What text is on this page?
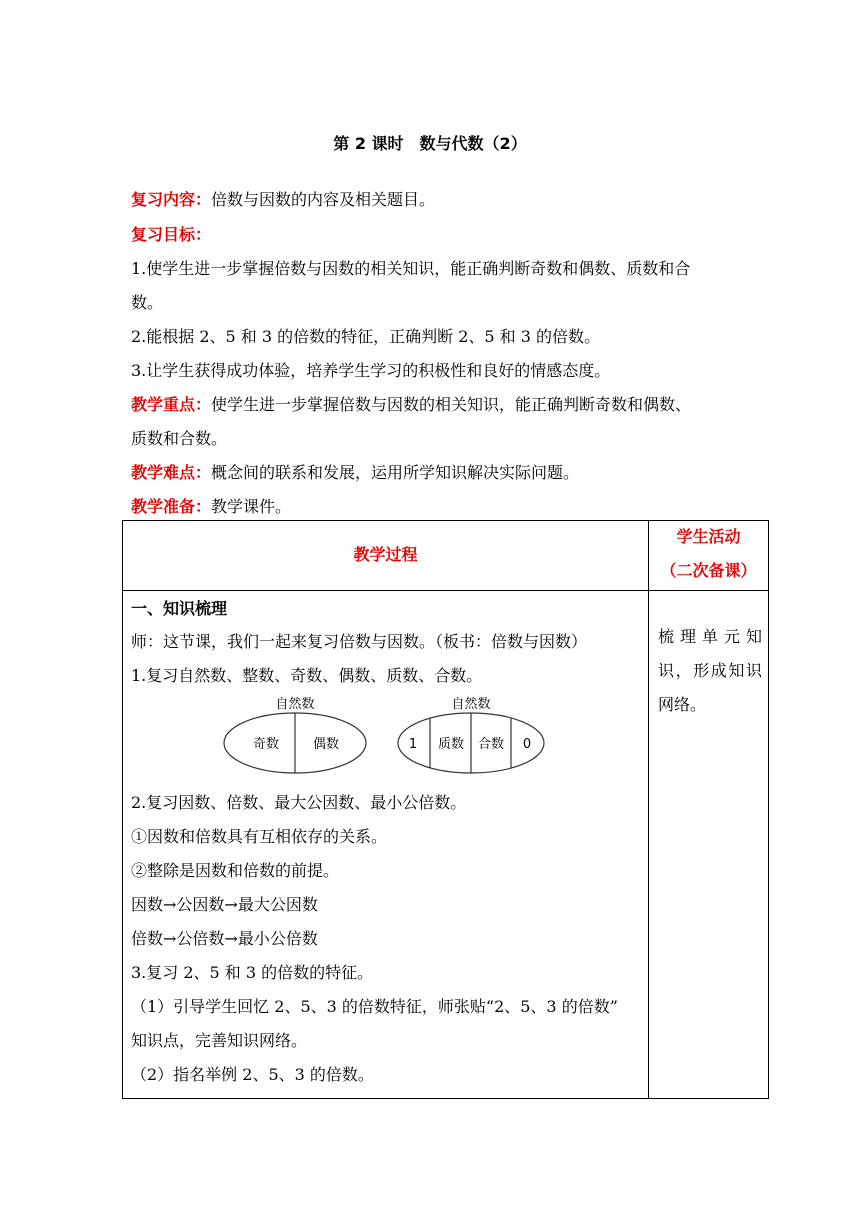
第 2 课时　数与代数（2）
复习内容：倍数与因数的内容及相关题目。
复习目标：
1.使学生进一步掌握倍数与因数的相关知识，能正确判断奇数和偶数、质数和合
数。
2.能根据 2、5 和 3 的倍数的特征，正确判断 2、5 和 3 的倍数。
3.让学生获得成功体验，培养学生学习的积极性和良好的情感态度。
教学重点：使学生进一步掌握倍数与因数的相关知识，能正确判断奇数和偶数、
质数和合数。
教学难点：概念间的联系和发展，运用所学知识解决实际问题。
教学准备：教学课件。
教学过程
学生活动
（二次备课）
一、知识梳理
师：这节课，我们一起来复习倍数与因数。（板书：倍数与因数）
1.复习自然数、整数、奇数、偶数、质数、合数。
自然数
奇数	偶数
自然数
1 质数 合数 0
2.复习因数、倍数、最大公因数、最小公倍数。
①因数和倍数具有互相依存的关系。
②整除是因数和倍数的前提。
因数→公因数→最大公因数
倍数→公倍数→最小公倍数
3.复习 2、5 和 3 的倍数的特征。
（1）引导学生回忆 2、5、3 的倍数特征，师张贴“2、5、3 的倍数”
知识点，完善知识网络。
（2）指名举例 2、5、3 的倍数。
梳理单元知
识，形成知识
网络。
